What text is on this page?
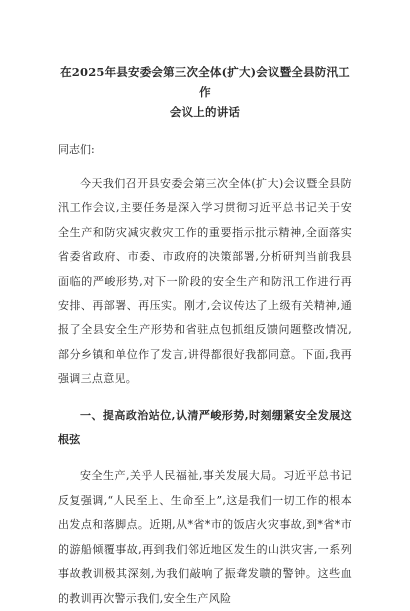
在2025年县安委会第三次全体(扩大)会议暨全县防汛工作
会议上的讲话

同志们:

今天我们召开县安委会第三次全体(扩大)会议暨全县防汛工作会议,主要任务是深入学习贯彻习近平总书记关于安全生产和防灾减灾救灾工作的重要指示批示精神,全面落实省委省政府、市委、市政府的决策部署,分析研判当前我县面临的严峻形势,对下一阶段的安全生产和防汛工作进行再安排、再部署、再压实。刚才,会议传达了上级有关精神,通报了全县安全生产形势和省驻点包抓组反馈问题整改情况,部分乡镇和单位作了发言,讲得都很好我都同意。下面,我再强调三点意见。

一、提高政治站位,认清严峻形势,时刻绷紧安全发展这根弦

安全生产,关乎人民福祉,事关发展大局。习近平总书记反复强调,“人民至上、生命至上”,这是我们一切工作的根本出发点和落脚点。近期,从*省*市的饭店火灾事故,到*省*市的游船倾覆事故,再到我们邻近地区发生的山洪灾害,一系列事故教训极其深刻,为我们敲响了振聋发聩的警钟。这些血的教训再次警示我们,安全生产风险
